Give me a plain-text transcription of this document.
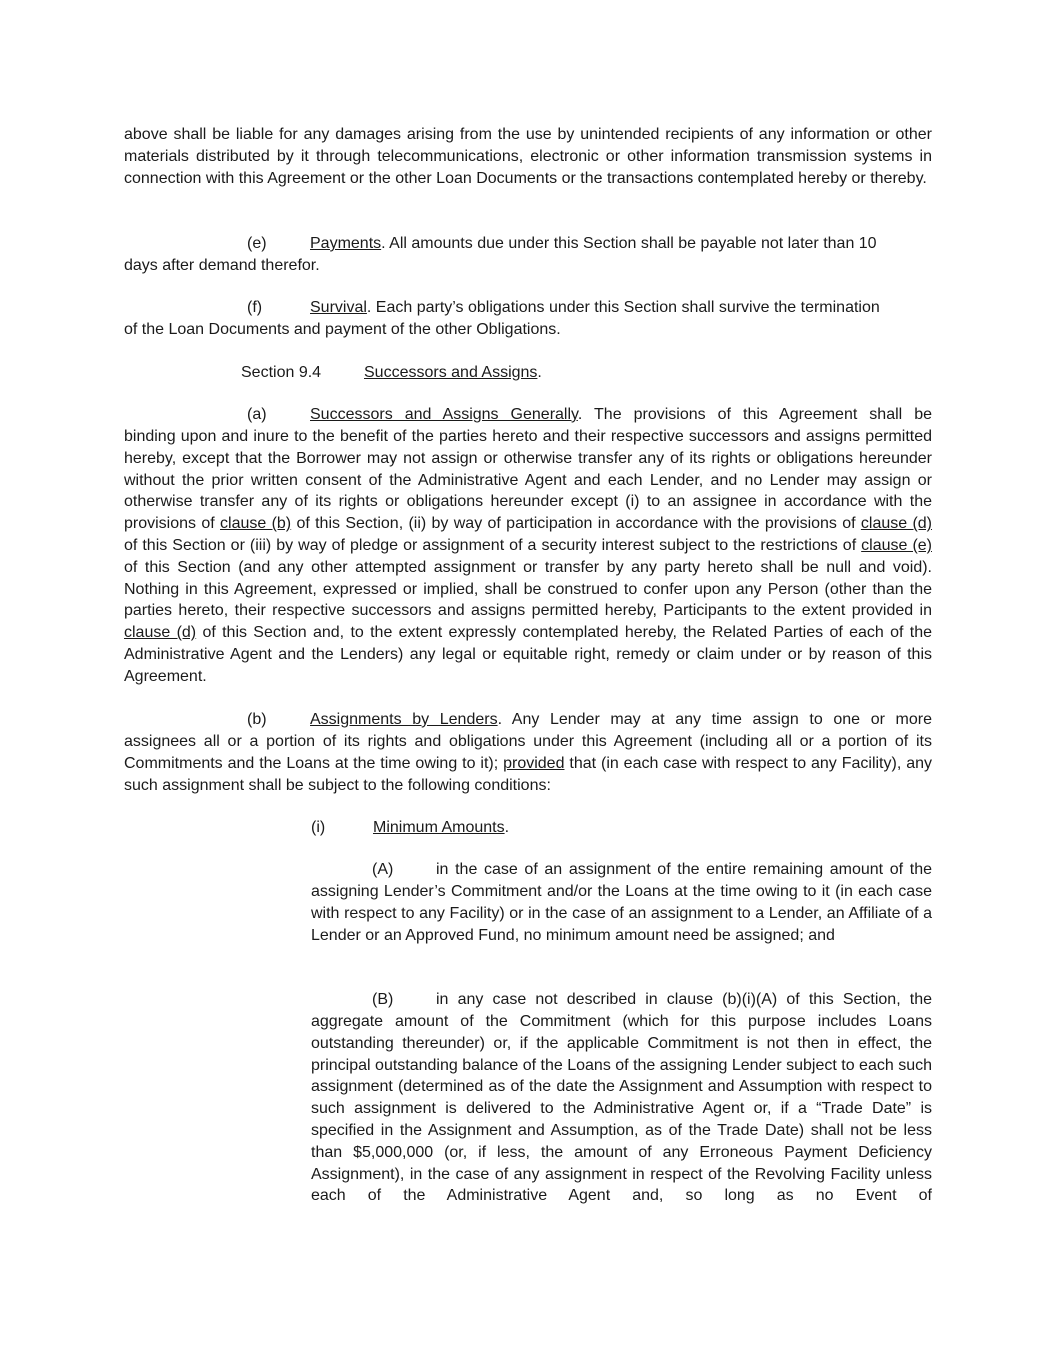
above shall be liable for any damages arising from the use by unintended recipients of any information or other materials distributed by it through telecommunications, electronic or other information transmission systems in connection with this Agreement or the other Loan Documents or the transactions contemplated hereby or thereby.

(e)	Payments. All amounts due under this Section shall be payable not later than 10

days after demand therefor.

(f)	Survival. Each party’s obligations under this Section shall survive the termination

of the Loan Documents and payment of the other Obligations.

Section 9.4	Successors and Assigns.
(a)	Successors and Assigns Generally. The provisions of this Agreement shall be

binding upon and inure to the benefit of the parties hereto and their respective successors and assigns permitted hereby, except that the Borrower may not assign or otherwise transfer any of its rights or obligations hereunder without the prior written consent of the Administrative Agent and each Lender, and no Lender may assign or otherwise transfer any of its rights or obligations hereunder except (i) to an assignee in accordance with the provisions of clause (b) of this Section, (ii) by way of participation in accordance with the provisions of clause (d) of this Section or (iii) by way of pledge or assignment of a security interest subject to the restrictions of clause (e) of this Section (and any other attempted assignment or transfer by any party hereto shall be null and void). Nothing in this Agreement, expressed or implied, shall be construed to confer upon any Person (other than the parties hereto, their respective successors and assigns permitted hereby, Participants to the extent provided in clause (d) of this Section and, to the extent expressly contemplated hereby, the Related Parties of each of the Administrative Agent and the Lenders) any legal or equitable right, remedy or claim under or by reason of this Agreement.

(b)	Assignments by Lenders. Any Lender may at any time assign to one or more

assignees all or a portion of its rights and obligations under this Agreement (including all or a portion of its Commitments and the Loans at the time owing to it); provided that (in each case with respect to any Facility), any such assignment shall be subject to the following conditions:

(i)	Minimum Amounts.
(A)	in the case of an assignment of the entire remaining amount of the

assigning Lender’s Commitment and/or the Loans at the time owing to it (in each case with respect to any Facility) or in the case of an assignment to a Lender, an Affiliate of a Lender or an Approved Fund, no minimum amount need be assigned; and

(B)	in any case not described in clause (b)(i)(A) of this Section, the

aggregate amount of the Commitment (which for this purpose includes Loans outstanding thereunder) or, if the applicable Commitment is not then in effect, the principal outstanding balance of the Loans of the assigning Lender subject to each such assignment (determined as of the date the Assignment and Assumption with respect to such assignment is delivered to the Administrative Agent or, if a “Trade Date” is specified in the Assignment and Assumption, as of the Trade Date) shall not be less than $5,000,000 (or, if less, the amount of any Erroneous Payment Deficiency Assignment), in the case of any assignment in respect of the Revolving Facility unless each of the Administrative Agent and, so long as no Event of
